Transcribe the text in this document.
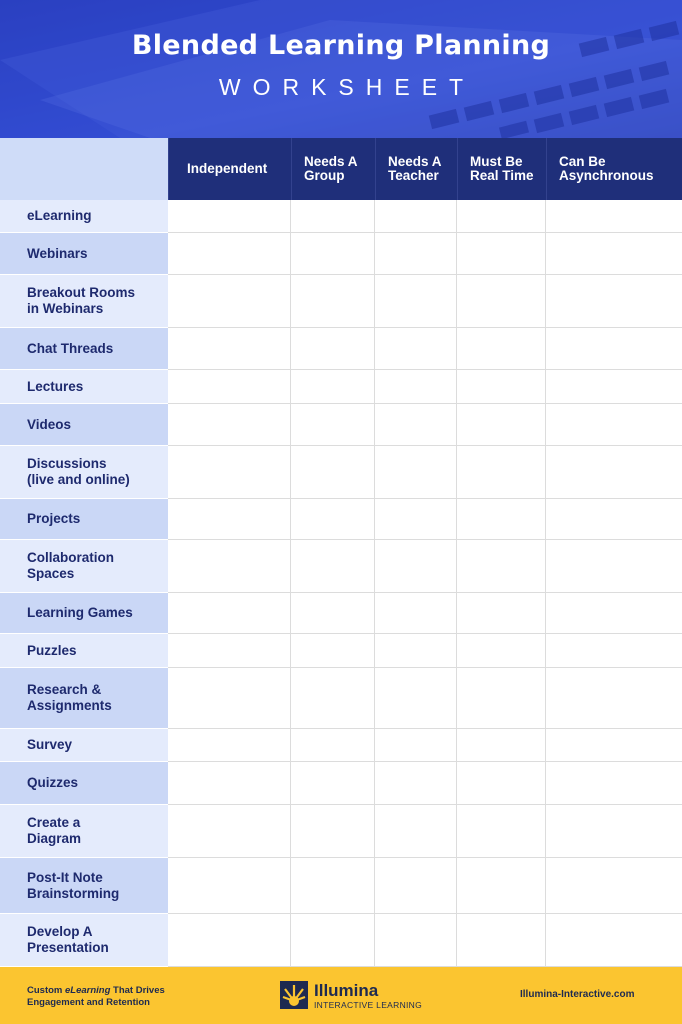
Blended Learning Planning
WORKSHEET
Independent	Needs A
Group
Needs A
Teacher
Must Be
Real Time
Can Be
Asynchronous
eLearning
Webinars
Breakout Rooms
in Webinars
Chat Threads
Lectures
Videos
Discussions
(live and online)
Projects
Collaboration
Spaces
Learning Games
Puzzles
Research &
Assignments
Survey
Quizzes
Create a
Diagram
Post-It Note
Brainstorming
Develop A
Presentation
Custom eLearning That Drives
Engagement and Retention
Illumina
INTERACTIVE LEARNING
Illumina-Interactive.com
